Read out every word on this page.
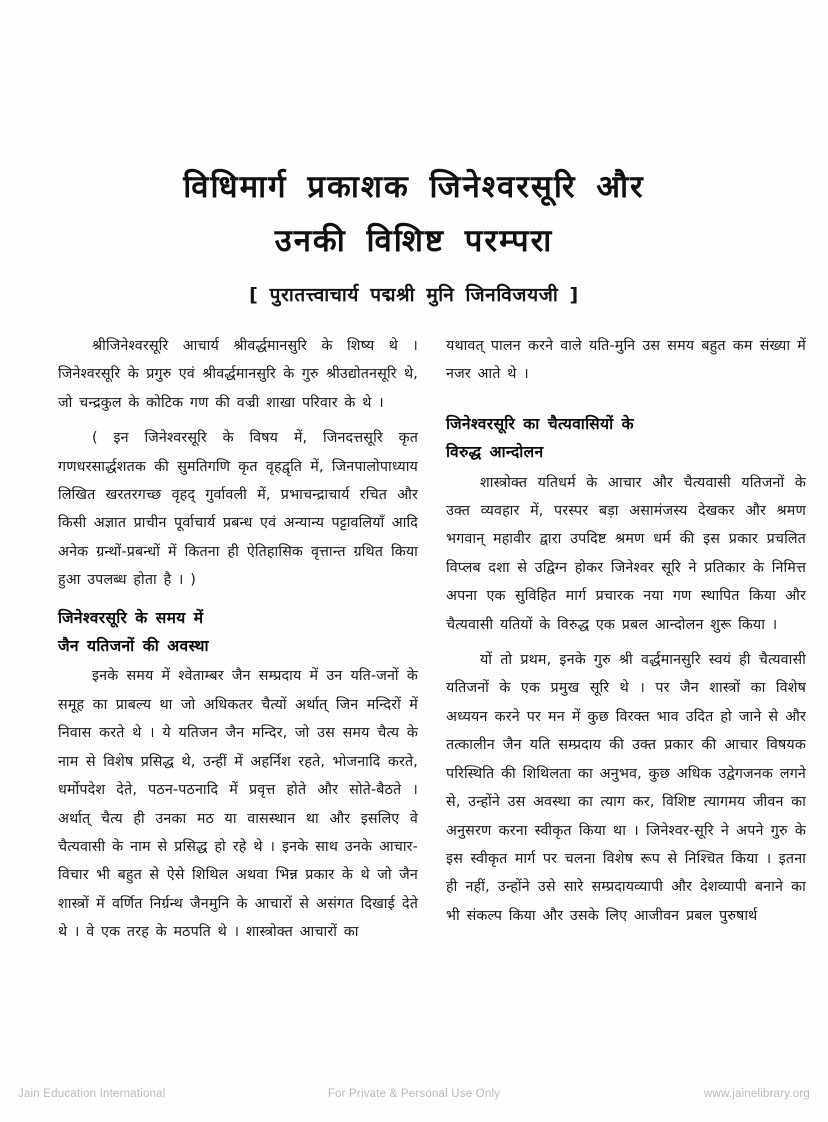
विधिमार्ग प्रकाशक जिनेश्वरसूरि और
उनकी विशिष्ट परम्परा
[ पुरातत्त्वाचार्य पद्मश्री मुनि जिनविजयजी ]

श्रीजिनेश्वरसूरि आचार्य श्रीवर्द्धमानसुरि के शिष्य थे । जिनेश्वरसूरि के प्रगुरु एवं श्रीवर्द्धमानसुरि के गुरु श्रीउद्योतनसूरि थे, जो चन्द्रकुल के कोटिक गण की वज्री शाखा परिवार के थे ।

( इन जिनेश्वरसूरि के विषय में, जिनदत्तसूरि कृत गणधरसार्द्धशतक की सुमतिगणि कृत वृहद्वृति में, जिनपालोपाध्याय लिखित खरतरगच्छ वृहद् गुर्वावली में, प्रभाचन्द्राचार्य रचित और किसी अज्ञात प्राचीन पूर्वाचार्य प्रबन्ध एवं अन्यान्य पट्टावलियाँ आदि अनेक ग्रन्थों-प्रबन्धों में कितना ही ऐतिहासिक वृत्तान्त ग्रथित किया हुआ उपलब्ध होता है । )

जिनेश्वरसूरि के समय में
जैन यतिजनों की अवस्था

इनके समय में श्वेताम्बर जैन सम्प्रदाय में उन यति-जनों के समूह का प्राबल्य था जो अधिकतर चैत्यों अर्थात् जिन मन्दिरों में निवास करते थे । ये यतिजन जैन मन्दिर, जो उस समय चैत्य के नाम से विशेष प्रसिद्ध थे, उन्हीं में अहर्निश रहते, भोजनादि करते, धर्मोपदेश देते, पठन-पठनादि में प्रवृत्त होते और सोते-बैठते । अर्थात् चैत्य ही उनका मठ या वासस्थान था और इसलिए वे चैत्यवासी के नाम से प्रसिद्ध हो रहे थे । इनके साथ उनके आचार-विचार भी बहुत से ऐसे शिथिल अथवा भिन्न प्रकार के थे जो जैन शास्त्रों में वर्णित निर्ग्रन्थ जैनमुनि के आचारों से असंगत दिखाई देते थे । वे एक तरह के मठपति थे । शास्त्रोक्त आचारों का

यथावत् पालन करने वाले यति-मुनि उस समय बहुत कम संख्या में नजर आते थे ।

जिनेश्वरसूरि का चैत्यवासियों के
विरुद्ध आन्दोलन

शास्त्रोक्त यतिधर्म के आचार और चैत्यवासी यतिजनों के उक्त व्यवहार में, परस्पर बड़ा असामंजस्य देखकर और श्रमण भगवान् महावीर द्वारा उपदिष्ट श्रमण धर्म की इस प्रकार प्रचलित विप्लब दशा से उद्विग्न होकर जिनेश्वर सूरि ने प्रतिकार के निमित्त अपना एक सुविहित मार्ग प्रचारक नया गण स्थापित किया और चैत्यवासी यतियों के विरुद्ध एक प्रबल आन्दोलन शुरू किया ।

यों तो प्रथम, इनके गुरु श्री वर्द्धमानसुरि स्वयं ही चैत्यवासी यतिजनों के एक प्रमुख सूरि थे । पर जैन शास्त्रों का विशेष अध्ययन करने पर मन में कुछ विरक्त भाव उदित हो जाने से और तत्कालीन जैन यति सम्प्रदाय की उक्त प्रकार की आचार विषयक परिस्थिति की शिथिलता का अनुभव, कुछ अधिक उद्वेगजनक लगने से, उन्होंने उस अवस्था का त्याग कर, विशिष्ट त्यागमय जीवन का अनुसरण करना स्वीकृत किया था । जिनेश्वर-सूरि ने अपने गुरु के इस स्वीकृत मार्ग पर चलना विशेष रूप से निश्चित किया । इतना ही नहीं, उन्होंने उसे सारे सम्प्रदायव्यापी और देशव्यापी बनाने का भी संकल्प किया और उसके लिए आजीवन प्रबल पुरुषार्थ

Jain Education International	For Private & Personal Use Only	www.jainelibrary.org
